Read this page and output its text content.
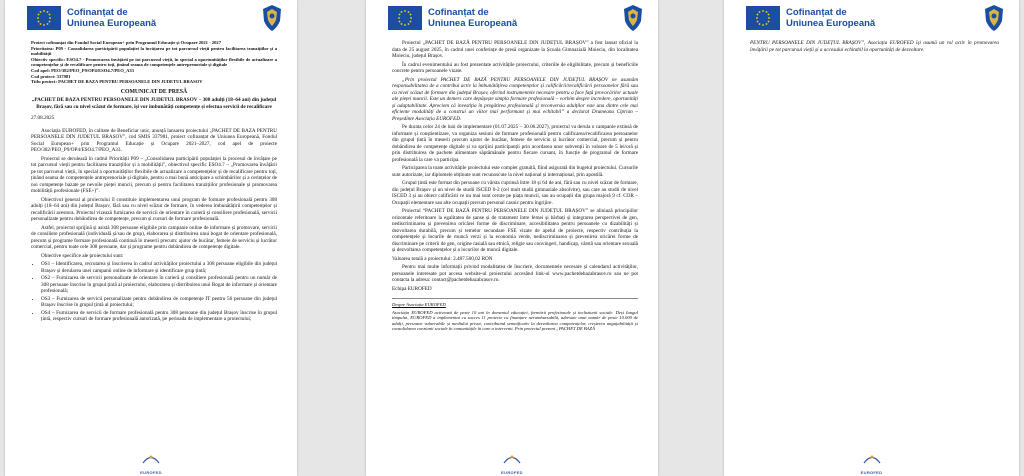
Cofinanțat de
Uniunea Europeană

Proiect cofinanțat din Fondul Social European+ prin Programul Educație și Ocupare 2021 - 2027

Prioritatea: P09 - Consolidarea participării populației la învățarea pe tot parcursul vieții pentru facilitarea tranzițiilor și a mobilității

Obiectiv specific: ESO4.7 - Promovarea învățării pe tot parcursul vieții, în special a oportunităților flexibile de actualizare a competențelor și de recalificare pentru toți, ținând seama de competențele antreprenoriale și digitale

Cod apel: PEO/382/PEO_P9/OP4/ESO4.7/PEO_A33

Cod proiect: 337981

Titlu proiect: PACHET DE BAZA PENTRU PERSOANELE DIN JUDETUL BRASOV

COMUNICAT DE PRESĂ
„PACHET DE BAZA PENTRU PERSOANELE DIN JUDETUL BRASOV – 308 adulți (18–64 ani) din județul Brașov, fără sau cu nivel scăzut de formare, își vor îmbunătăți competențe și efectua servicii de recalificare
27.08.2025

Asociația EUROFED, în calitate de Beneficiar unic, anunță lansarea proiectului „PACHET DE BAZA PENTRU PERSOANELE DIN JUDETUL BRASOV”, cod SMIS 337981, proiect cofinanțat de Uniunea Europeană, Fondul Social European+ prin Programul Educație și Ocupare 2021–2027, cod apel de proiecte PEO/382/PEO_P9/OP4/ESO4.7/PEO_A33.

Proiectul se derulează în cadrul Priorității P09 – „Consolidarea participării populației la procesul de învățare pe tot parcursul vieții pentru facilitarea tranzițiilor și a mobilității”, obiectivul specific ESO4.7 – „Promovarea învățării pe tot parcursul vieții, în special a oportunităților flexibile de actualizare a competențelor și de recalificare pentru toți, ținând seama de competențele antreprenoriale și digitale, pentru o mai bună anticipare a schimbărilor și a cerințelor de noi competențe bazate pe nevoile pieței muncii, precum și pentru facilitarea tranzițiilor profesionale și promovarea mobilității profesionale (FSE+)”.

Obiectivul general al proiectului îl constituie implementarea unui program de formare profesională pentru 308 adulți (18–64 ani) din județul Brașov, fără sau cu nivel scăzut de formare, în vederea îmbunătățirii competențelor și recalificării acestora. Proiectul vizează furnizarea de servicii de orientare în carieră și consiliere profesională, servicii personalizate pentru dobândirea de competențe, precum și cursuri de formare profesională.

Astfel, proiectul sprijină și asistă 308 persoane eligibile prin campanie online de informare și promovare, servicii de consiliere profesională (individuală și/sau de grup), elaborarea și distribuirea unui bogat de orientare profesională, precum și programe formare profesională continuă în meserii precum: ajutor de bucătar, femeie de serviciu și lucrător comercial, pentru toate cele 308 persoane, dar și programe pentru dobândirea de competențe digitale.

Obiective specifice ale proiectului sunt:

• OS1 – Identificarea, recrutarea și înscrierea în cadrul activităților proiectului a 308 persoane eligibile din județul Brașov și derularea unei campanii online de informare și identificare grup țintă;
• OS2 – Furnizarea de servicii personalizate de orientare în carieră și consiliere profesională pentru un număr de 308 persoane înscrise în grupul țintă al proiectului, elaborarea și distribuirea unui Bogat de informare și orientare profesională;
• OS3 – Furnizarea de servicii personalizate pentru dobândirea de competențe IT pentru 56 persoane din județul Brașov înscrise în grupul țintă al proiectului;
• OS4 – Furnizarea de servicii de formare profesională pentru 308 persoane din județul Brașov înscrise în grupul țintă, respectiv cursuri de formare profesională autorizată, pe perioada de implementare a proiectului;
EUROFED
Cofinanțat de
Uniunea Europeană

Proiectul „PACHET DE BAZĂ PENTRU PERSOANELE DIN JUDEȚUL BRAȘOV” a fost lansat oficial la data de 25 august 2025, în cadrul unei conferințe de presă organizate la Școala Gimnazială Moieciu, din localitatea Moieciu, județul Brașov.

În cadrul evenimentului au fost prezentate activitățile proiectului, criteriile de eligibilitate, precum și beneficiile concrete pentru persoanele vizate.

„Prin proiectul PACHET DE BAZĂ PENTRU PERSOANELE DIN JUDEȚUL BRAȘOV ne asumăm responsabilitatea de a contribui activ la îmbunătățirea competențelor și calificării/recalificării persoanelor fără sau cu nivel scăzut de formare din județul Brașov, oferind instrumentele necesare pentru a face față provocărilor actuale ale pieței muncii. Este un demers care depășește simpla formare profesională – vorbim despre incredere, oportunități și adaptabilitate. Apreciem că investiția în pregătirea profesională și reconversia adulților este una dintre cele mai eficiente modalități de a construi un viitor mai performant și mai echitabil” a declarat Drumeanu Ciprian – Președinte Asociația EUROFED.

Pe durata celor 24 de luni de implementare (01.07.2025 – 30.06.2027), proiectul va derula o campanie extinsă de informare și conștientizare, va organiza sesiuni de formare profesională pentru calificarea/recalificarea persoanelor din grupul țintă în meserii precum ajutor de bucătar, femeie de serviciu și lucrător comercial, precum și pentru dobândirea de competențe digitale și va sprijini participanții prin acordarea unor subvenții în valoare de 5 lei/oră și prin distribuirea de pachete alimentare săptămânale pentru fiecare cursant, în funcție de programul de formare profesională la care va participa.

Participarea la toate activitățile proiectului este complet gratuită, fiind asigurată din bugetul proiectului. Cursurile sunt autorizate, iar diplomele obținute sunt recunoscute la nivel național și internațional, prin apostilă.

Grupul țintă este format din persoane cu vârsta cuprinsă între 18 și 64 de ani, fără sau cu nivel scăzut de formare, din județul Brașov și un nivel de studii ISCED 0-2 (cel mult studii gimnaziale absolvite), sau care au studii de nivel ISCED 3 și au obiect calificării ce nu mai sunt cerute pe piața muncii, sau au ocupații din grupa majoră 9 cf. COR – Ocupații elementare sau alte ocupații precum personal casnic pentru îngrijire.

Proiectul “PACHET DE BAZĂ PENTRU PERSOANELE DIN JUDEȚUL BRAȘOV” se aliniază principiilor orizontale referitoare la egalitatea de șanse și de tratament între femei și bărbați și integrarea perspectivei de gen, nediscriminarea și prevenirea oricărei forme de discriminare, accesibilitatea pentru persoanele cu dizabilități și dezvoltarea durabilă, precum și temelor secundare FSE vizate de apelul de proiecte, respectiv contribuția la competențele și locurile de muncă verzi și la economia verde, nediscriminarea și prevenirea oricărei forme de discriminare pe criterii de gen, origine rasială sau etnică, religie sau convingeri, handicap, vârstă sau orientare sexuală și dezvoltarea competențelor și a locurilor de muncă digitale.

Valoarea totală a proiectului: 2.487.560,02 RON

Pentru mai multe informații privind modalitatea de înscriere, documentele necesare și calendarul activităților, persoanele interesate pot accesa website-ul proiectului accesând link-ul www.pachetdebazabrasov.ro sau ne pot contacta la adresa: contact@pachetdebazabrasov.ro.

Echipa EUROFED

Despre Asociația EUROFED

Asociația EUROFED activează de peste 10 ani în domeniul educației, formării profesionale și incluziunii sociale. Deși Iungul timpului, EUROFED a implementat cu succes 11 proiecte cu finanțare nerambursabilă, adresate unui număr de peste 10.000 de adulți, persoane vulnerabile și mediului privat, contribuind semnificativ la dezvoltarea competențelor, creșterea angajabilității și consolidarea coeziunii sociale în comunitățile în care a intervenit. Prin proiectul prezent „PACHET DE BAZĂ

EUROFED
Cofinanțat de
Uniunea Europeană

PENTRU PERSOANELE DIN JUDEȚUL BRAȘOV”, Asociația EUROFED își asumă un rol activ în promovarea învățării pe tot parcursul vieții și a accesului echitabil la oportunități de dezvoltare.

EUROFED
